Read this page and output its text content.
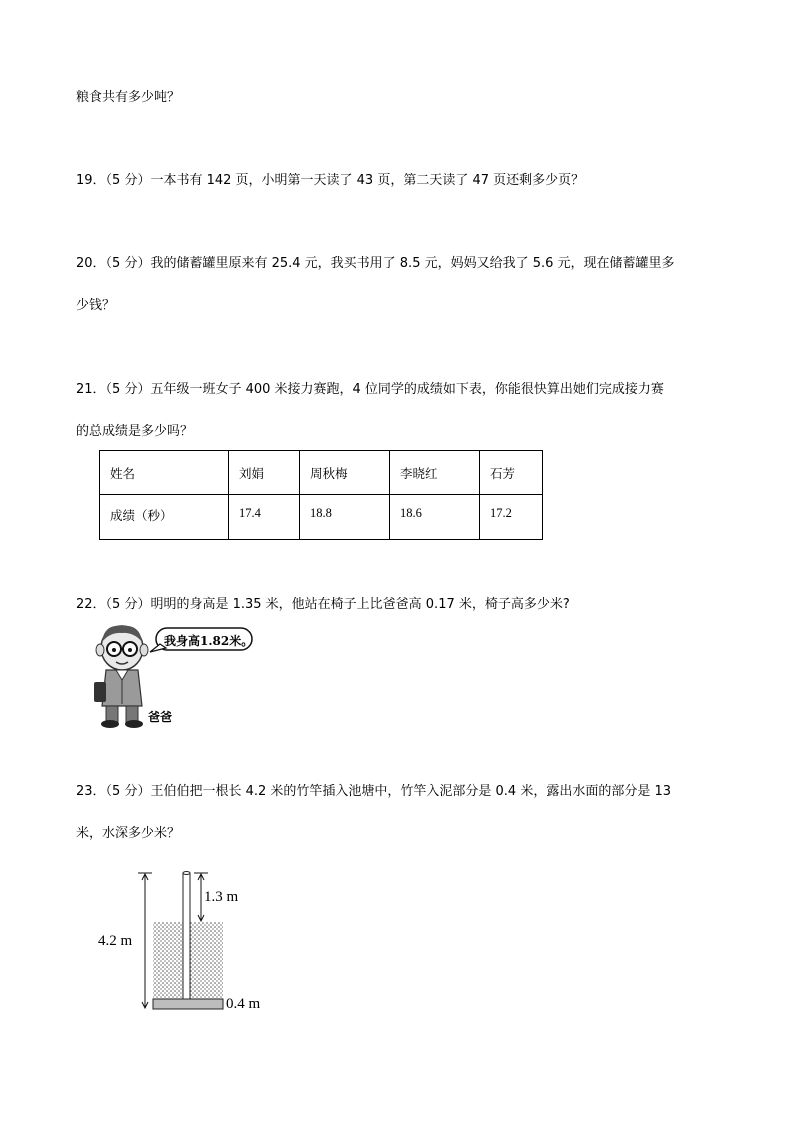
粮食共有多少吨？
19．（5 分）一本书有 142 页，小明第一天读了 43 页，第二天读了 47 页还剩多少页？
20．（5 分）我的储蓄罐里原来有 25.4 元，我买书用了 8.5 元，妈妈又给我了 5.6 元，现在储蓄罐里多
少钱？
21．（5 分）五年级一班女子 400 米接力赛跑，4 位同学的成绩如下表，你能很快算出她们完成接力赛
的总成绩是多少吗？
姓名	刘娟	周秋梅	李晓红	石芳
成绩（秒）	17.4	18.8	18.6	17.2
22．（5 分）明明的身高是 1.35 米，他站在椅子上比爸爸高 0.17 米，椅子高多少米?
我身高1.82米。
爸爸
23．（5 分）王伯伯把一根长 4.2 米的竹竿插入池塘中，竹竿入泥部分是 0.4 米，露出水面的部分是 13
米，水深多少米？
4.2 m
1.3 m
0.4 m
